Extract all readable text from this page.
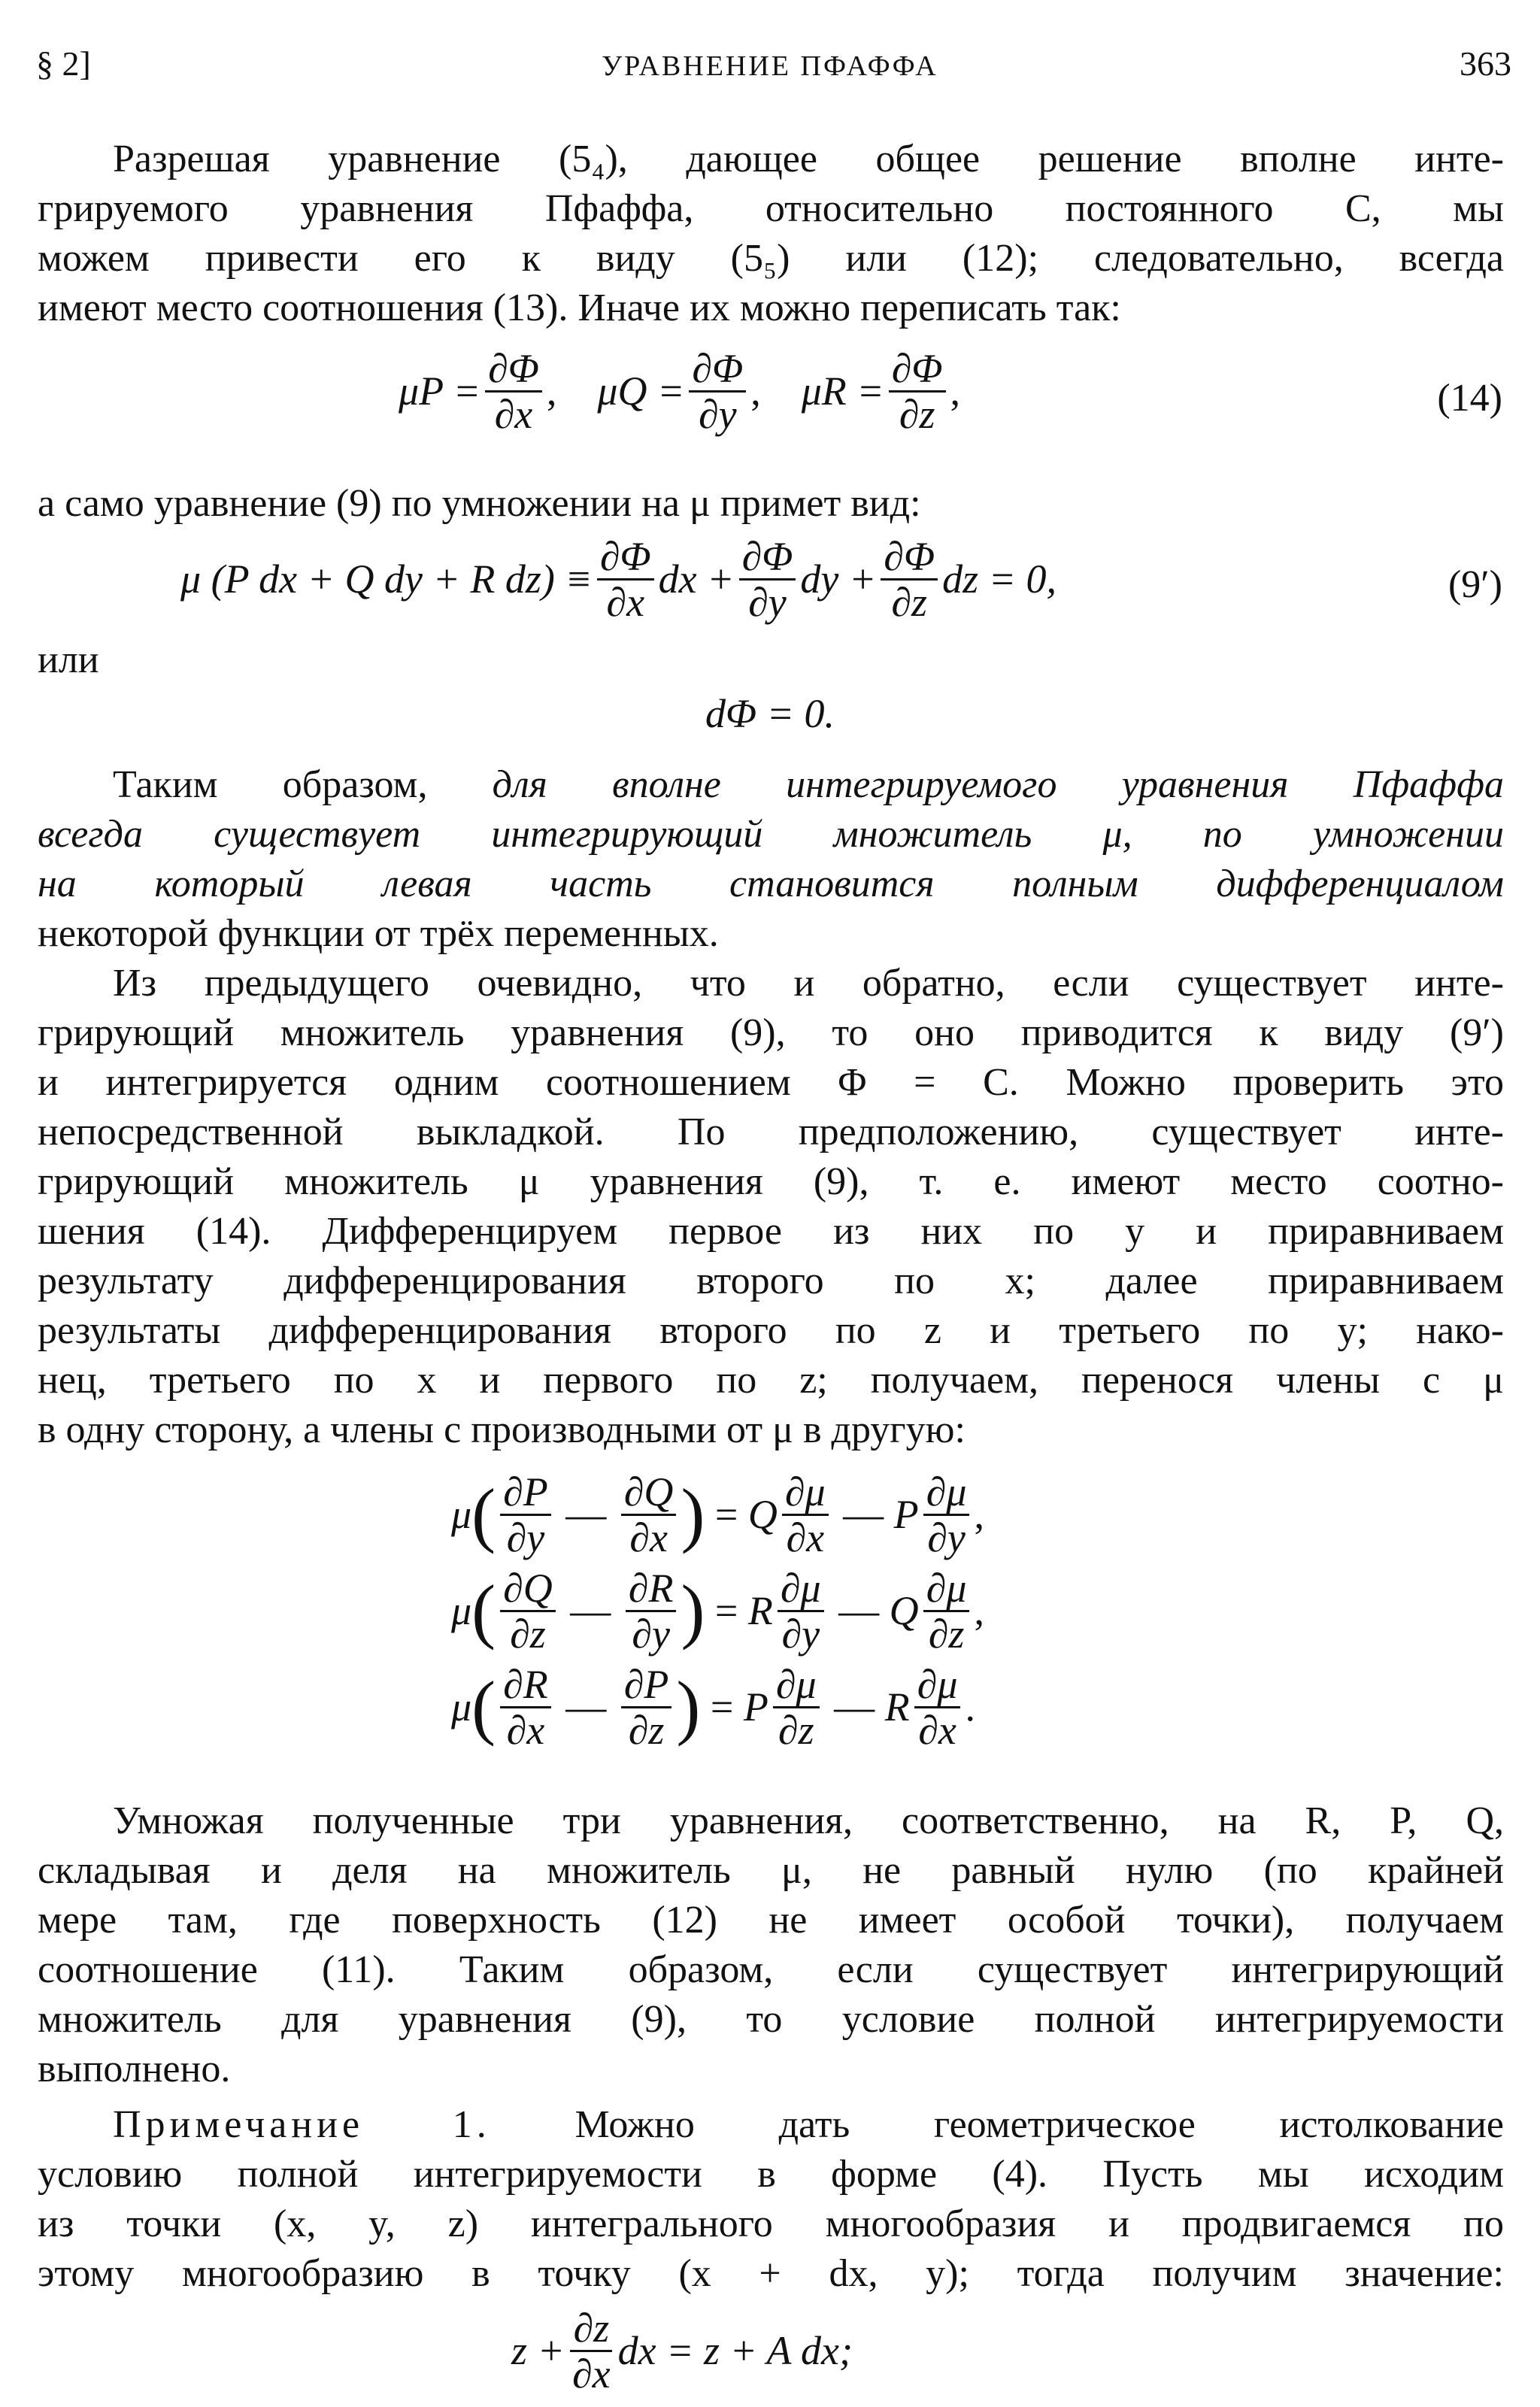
§ 2]	УРАВНЕНИЕ ПФАФФА	363
Разрешая уравнение (5₄), дающее общее решение вполне инте-
грируемого уравнения Пфаффа, относительно постоянного C, мы
можем привести его к виду (5₅) или (12); следовательно, всегда
имеют место соотношения (13). Иначе их можно переписать так:
$\mu P = \frac{\partial\Phi}{\partial x}$ ,
$\mu Q = \frac{\partial\Phi}{\partial y}$ ,
$\mu R = \frac{\partial\Phi}{\partial z}$ ,	(14)
а само уравнение (9) по умножении на μ примет вид:
μ (P dx + Q dy + R dz) ≡
∂Φ
∂x
dx + $\frac{\partial\Phi}{\partial y}$ dy + $\frac{\partial\Phi}{\partial z}$ dz = 0,	(9′)
или
dΦ = 0.
Таким образом, для вполне интегрируемого уравнения Пфаффа
всегда существует интегрирующий множитель μ, по умножении
на который левая часть становится полным дифференциалом
некоторой функции от трёх переменных.
Из предыдущего очевидно, что и обратно, если существует инте-
грирующий множитель уравнения (9), то оно приводится к виду (9′)
и интегрируется одним соотношением Φ = C. Можно проверить это
непосредственной выкладкой. По предположению, существует инте-
грирующий множитель μ уравнения (9), т. е. имеют место соотно-
шения (14). Дифференцируем первое из них по y и приравниваем
результату дифференцирования второго по x; далее приравниваем
результаты дифференцирования второго по z и третьего по y; нако-
нец, третьего по x и первого по z; получаем, перенося члены с μ
в одну сторону, а члены с производными от μ в другую:
μ ( ∂P
∂y
—
∂Q
∂x ) = Q
∂μ
∂x
— P
∂μ
∂y
,
μ ( ∂Q
∂z
—
∂R
∂y ) = R
∂μ
∂y
— Q
∂μ
∂z
,
μ ( ∂R
∂x
—
∂P
∂z ) = P
∂μ
∂z
— R
∂μ
∂x
.
Умножая полученные три уравнения, соответственно, на R, P, Q,
складывая и деля на множитель μ, не равный нулю (по крайней
мере там, где поверхность (12) не имеет особой точки), получаем
соотношение (11). Таким образом, если существует интегрирующий
множитель для уравнения (9), то условие полной интегрируемости
выполнено.
Примечание 1. Можно дать геометрическое истолкование
условию полной интегрируемости в форме (4). Пусть мы исходим
из точки (x, y, z) интегрального многообразия и продвигаемся по
этому многообразию в точку (x + dx, y); тогда получим значение:
$z + \frac{\partial z}{\partial x}$ dx = z + A dx;
